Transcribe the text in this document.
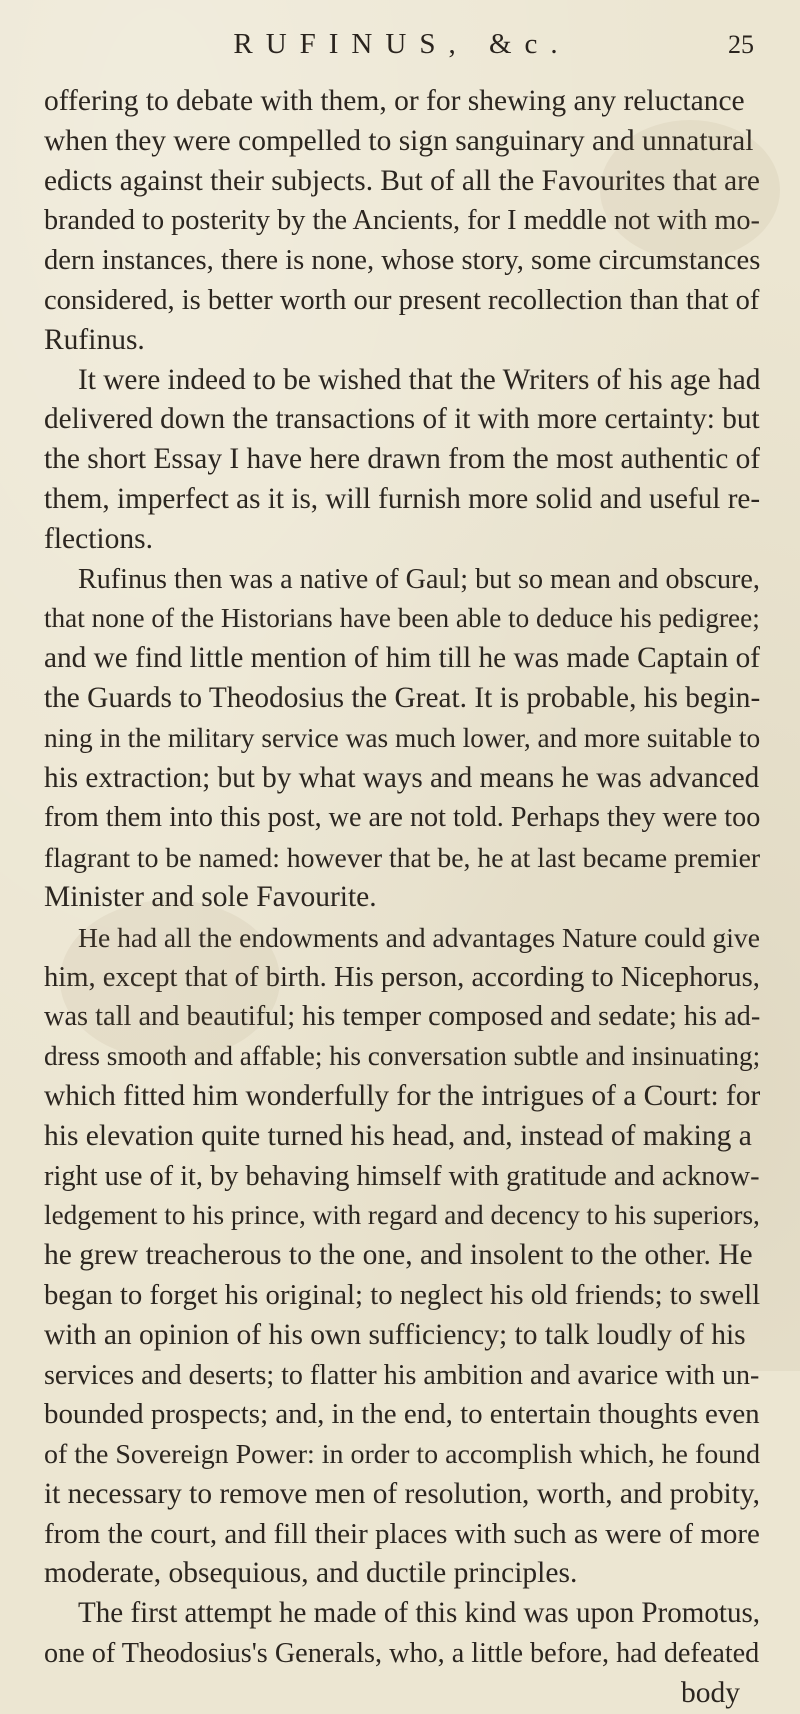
RUFINUS, &c.	25
offering to debate with them, or for shewing any reluctance
when they were compelled to sign sanguinary and unnatural
edicts against their subjects. But of all the Favourites that are
branded to posterity by the Ancients, for I meddle not with mo-
dern instances, there is none, whose story, some circumstances
considered, is better worth our present recollection than that of
Rufinus.
It were indeed to be wished that the Writers of his age had
delivered down the transactions of it with more certainty: but
the short Essay I have here drawn from the most authentic of
them, imperfect as it is, will furnish more solid and useful re-
flections.
Rufinus then was a native of Gaul; but so mean and obscure,
that none of the Historians have been able to deduce his pedigree;
and we find little mention of him till he was made Captain of
the Guards to Theodosius the Great. It is probable, his begin-
ning in the military service was much lower, and more suitable to
his extraction; but by what ways and means he was advanced
from them into this post, we are not told. Perhaps they were too
flagrant to be named: however that be, he at last became premier
Minister and sole Favourite.
He had all the endowments and advantages Nature could give
him, except that of birth. His person, according to Nicephorus,
was tall and beautiful; his temper composed and sedate; his ad-
dress smooth and affable; his conversation subtle and insinuating;
which fitted him wonderfully for the intrigues of a Court: for
his elevation quite turned his head, and, instead of making a
right use of it, by behaving himself with gratitude and acknow-
ledgement to his prince, with regard and decency to his superiors,
he grew treacherous to the one, and insolent to the other. He
began to forget his original; to neglect his old friends; to swell
with an opinion of his own sufficiency; to talk loudly of his
services and deserts; to flatter his ambition and avarice with un-
bounded prospects; and, in the end, to entertain thoughts even
of the Sovereign Power: in order to accomplish which, he found
it necessary to remove men of resolution, worth, and probity,
from the court, and fill their places with such as were of more
moderate, obsequious, and ductile principles.
The first attempt he made of this kind was upon Promotus,
one of Theodosius's Generals, who, a little before, had defeated
body
